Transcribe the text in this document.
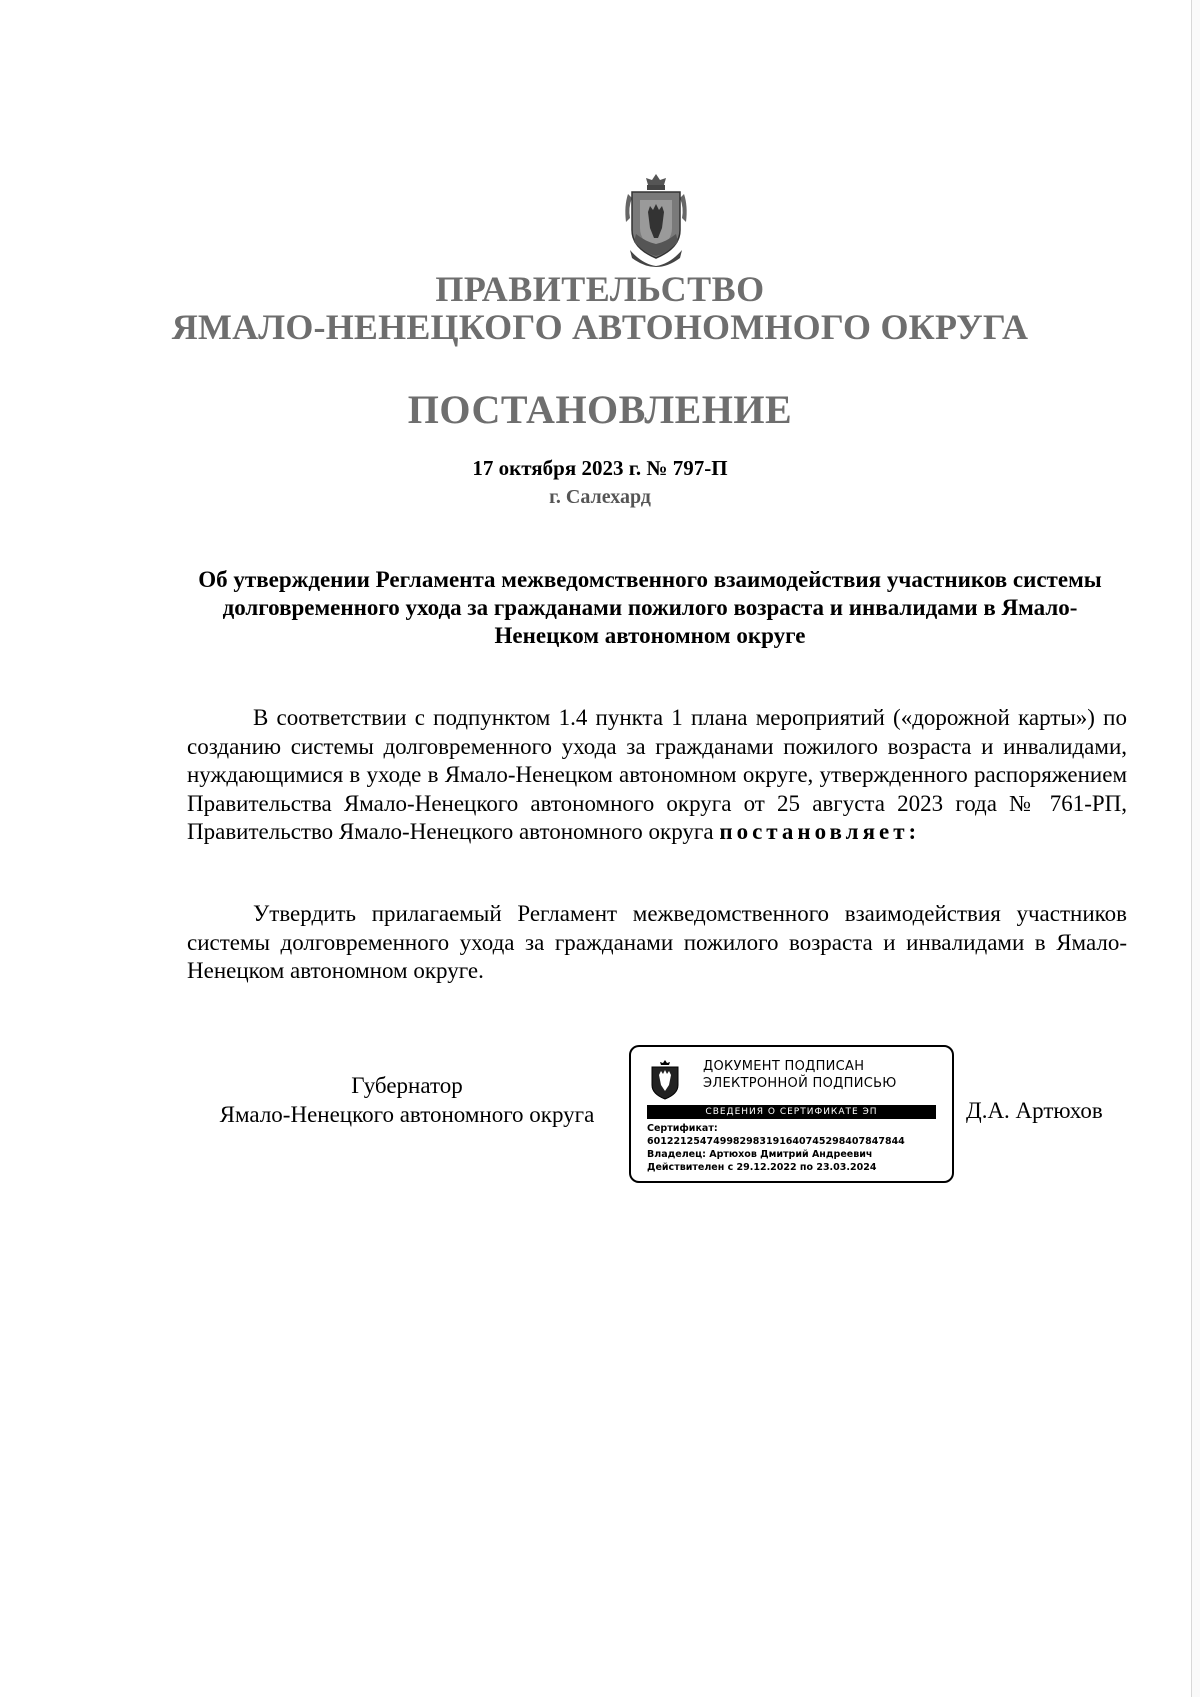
ПРАВИТЕЛЬСТВО
ЯМАЛО-НЕНЕЦКОГО АВТОНОМНОГО ОКРУГА
ПОСТАНОВЛЕНИЕ
17 октября 2023 г. № 797-П
г. Салехард
Об утверждении Регламента межведомственного взаимодействия участников системы долговременного ухода за гражданами пожилого возраста и инвалидами в Ямало-Ненецком автономном округе

В соответствии с подпунктом 1.4 пункта 1 плана мероприятий («дорожной карты») по созданию системы долговременного ухода за гражданами пожилого возраста и инвалидами, нуждающимися в уходе в Ямало-Ненецком автономном округе, утвержденного распоряжением Правительства Ямало-Ненецкого автономного округа от 25 августа 2023 года № 761-РП, Правительство Ямало-Ненецкого автономного округа постановляет:

Утвердить прилагаемый Регламент межведомственного взаимодействия участников системы долговременного ухода за гражданами пожилого возраста и инвалидами в Ямало-Ненецком автономном округе.

Губернатор
Ямало-Ненецкого автономного округа
ДОКУМЕНТ ПОДПИСАН
ЭЛЕКТРОННОЙ ПОДПИСЬЮ
СВЕДЕНИЯ О СЕРТИФИКАТЕ ЭП
Сертификат:
601221254749982983191640745298407847844
Владелец: Артюхов Дмитрий Андреевич
Действителен с 29.12.2022 по 23.03.2024
Д.А. Артюхов
